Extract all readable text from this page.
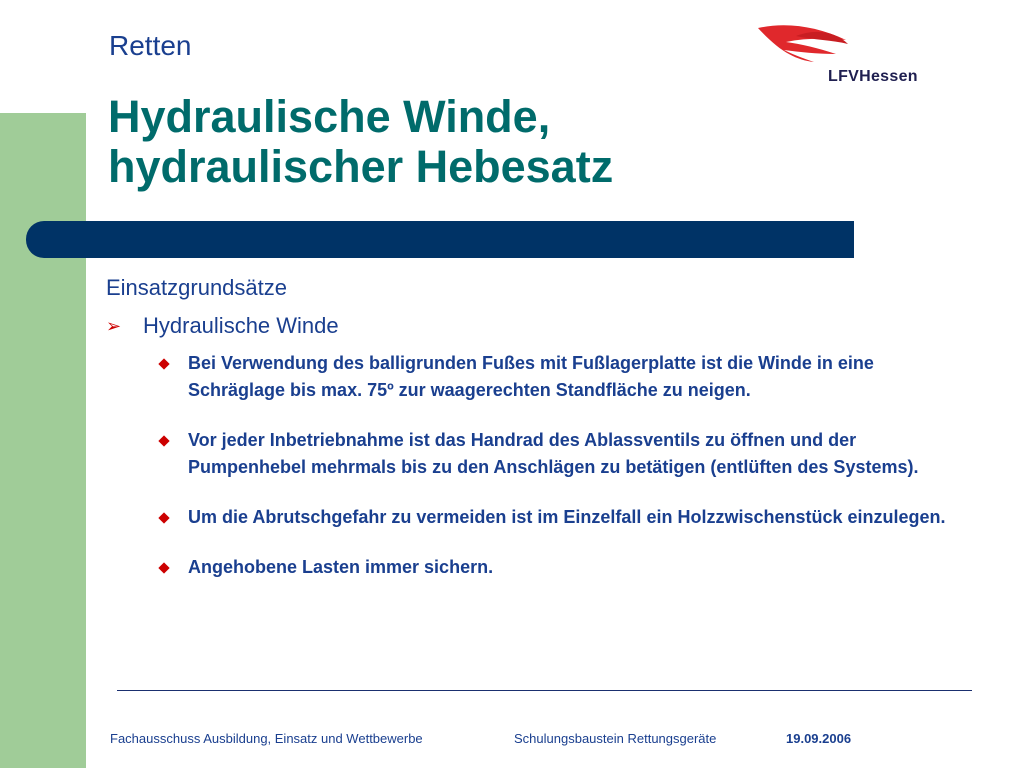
Retten
LFVHessen
Hydraulische Winde,
hydraulischer Hebesatz
Einsatzgrundsätze
➢ Hydraulische Winde
Bei Verwendung des balligrunden Fußes mit Fußlagerplatte ist die Winde in eine Schräglage bis max. 75º zur waagerechten Standfläche zu neigen.
Vor jeder Inbetriebnahme ist das Handrad des Ablassventils zu öffnen und der Pumpenhebel mehrmals bis zu den Anschlägen zu betätigen (entlüften des Systems).
Um die Abrutschgefahr zu vermeiden ist im Einzelfall ein Holzzwischenstück einzulegen.
Angehobene Lasten immer sichern.
Fachausschuss Ausbildung, Einsatz und Wettbewerbe	Schulungsbaustein Rettungsgeräte	19.09.2006
